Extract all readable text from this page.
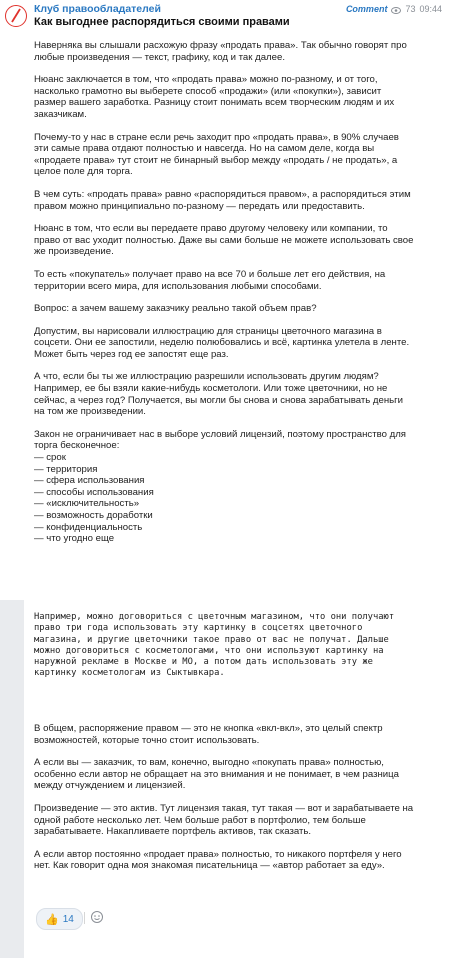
Клуб правообладателей
Как выгоднее распорядиться своими правами
Comment 73 09:44

Наверняка вы слышали расхожую фразу «продать права». Так обычно говорят про любые произведения — текст, графику, код и так далее.

Нюанс заключается в том, что «продать права» можно по-разному, и от того, насколько грамотно вы выберете способ «продажи» (или «покупки»), зависит размер вашего заработка. Разницу стоит понимать всем творческим людям и их заказчикам.

Почему-то у нас в стране если речь заходит про «продать права», в 90% случаев эти самые права отдают полностью и навсегда. Но на самом деле, когда вы «продаете права» тут стоит не бинарный выбор между «продать / не продать», а целое поле для торга.

В чем суть: «продать права» равно «распорядиться правом», а распорядиться этим правом можно принципиально по-разному — передать или предоставить.

Нюанс в том, что если вы передаете право другому человеку или компании, то право от вас уходит полностью. Даже вы сами больше не можете использовать свое же произведение.

То есть «покупатель» получает право на все 70 и больше лет его действия, на территории всего мира, для использования любыми способами.

Вопрос: а зачем вашему заказчику реально такой объем прав?

Допустим, вы нарисовали иллюстрацию для страницы цветочного магазина в соцсети. Они ее запостили, неделю полюбовались и всё, картинка улетела в ленте. Может быть через год ее запостят еще раз.

А что, если бы ты же иллюстрацию разрешили использовать другим людям? Например, ее бы взяли какие-нибудь косметологи. Или тоже цветочники, но не сейчас, а через год? Получается, вы могли бы снова и снова зарабатывать деньги на том же произведении.

Закон не ограничивает нас в выборе условий лицензий, поэтому пространство для торга бесконечное:

— срок
— территория
— сфера использования
— способы использования
— «исключительность»
— возможность доработки
— конфиденциальность
— что угодно еще

Например, можно договориться с цветочным магазином, что они получают право три года использовать эту картинку в соцсетях цветочного магазина, и другие цветочники такое право от вас не получат. Дальше можно договориться с косметологами, что они используют картинку на наружной рекламе в Москве и МО, а потом дать использовать эту же картинку косметологам из Сыктывкара.

В общем, распоряжение правом — это не кнопка «вкл-вкл», это целый спектр возможностей, которые точно стоит использовать.

А если вы — заказчик, то вам, конечно, выгодно «покупать права» полностью, особенно если автор не обращает на это внимания и не понимает, в чем разница между отчуждением и лицензией.

Произведение — это актив. Тут лицензия такая, тут такая — вот и зарабатываете на одной работе несколько лет. Чем больше работ в портфолио, тем больше зарабатываете. Накапливаете портфель активов, так сказать.

А если автор постоянно «продает права» полностью, то никакого портфеля у него нет. Как говорит одна моя знакомая писательница — «автор работает за еду».

👍 14
